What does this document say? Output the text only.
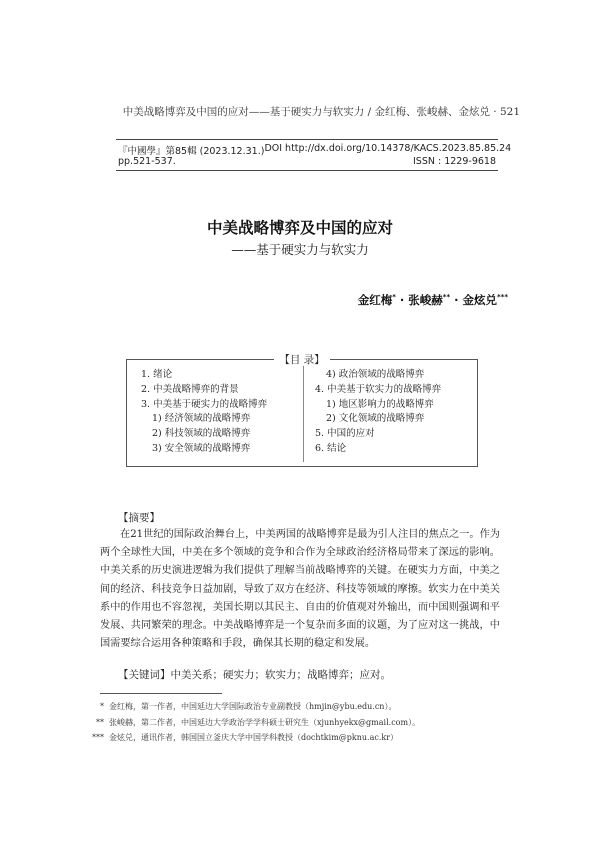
中美战略博弈及中国的应对——基于硬实力与软实力 / 金红梅、张峻赫、金炫兑 · 521
『中國學』第85輯 (2023.12.31.) DOI http://dx.doi.org/10.14378/KACS.2023.85.85.24
pp.521-537.	ISSN : 1229-9618
中美战略博弈及中国的应对
——基于硬实力与软实力
金红梅* · 张峻赫** · 金炫兑***
【目 录】
1. 绪论
2. 中美战略博弈的背景
3. 中美基于硬实力的战略博弈
1) 经济领域的战略博弈
2) 科技领域的战略博弈
3) 安全领域的战略博弈
4) 政治领域的战略博弈
4. 中美基于软实力的战略博弈
1) 地区影响力的战略博弈
2) 文化领域的战略博弈
5. 中国的应对
6. 结论
【摘要】
在21世纪的国际政治舞台上，中美两国的战略博弈是最为引人注目的焦点之一。作为两个全球性大国，中美在多个领域的竞争和合作为全球政治经济格局带来了深远的影响。中美关系的历史演进逻辑为我们提供了理解当前战略博弈的关键。在硬实力方面，中美之间的经济、科技竞争日益加剧，导致了双方在经济、科技等领域的摩擦。软实力在中美关系中的作用也不容忽视，美国长期以其民主、自由的价值观对外输出，而中国则强调和平发展、共同繁荣的理念。中美战略博弈是一个复杂而多面的议题，为了应对这一挑战，中国需要综合运用各种策略和手段，确保其长期的稳定和发展。
【关键词】中美关系；硬实力；软实力；战略博弈；应对。
* 金红梅，第一作者，中国延边大学国际政治专业副教授（hmjin@ybu.edu.cn）。
** 张峻赫，第二作者，中国延边大学政治学学科硕士研究生（xjunhyekx@gmail.com）。
*** 金炫兑，通讯作者，韩国国立釜庆大学中国学科教授（dochtkim@pknu.ac.kr）
